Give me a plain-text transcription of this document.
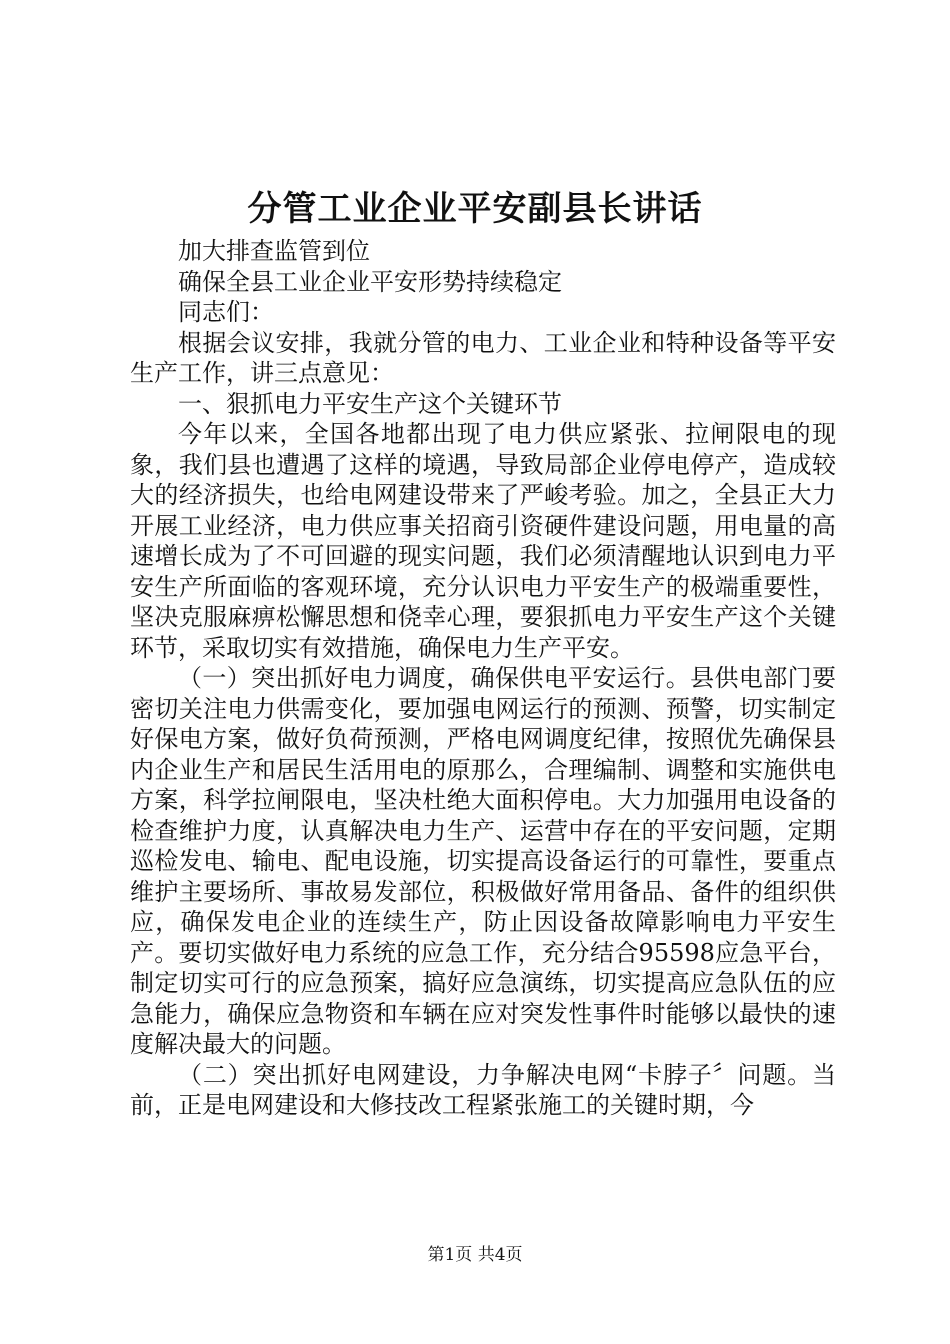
分管工业企业平安副县长讲话

加大排查监管到位

确保全县工业企业平安形势持续稳定

同志们：

根据会议安排，我就分管的电力、工业企业和特种设备等平安生产工作，讲三点意见：

一、狠抓电力平安生产这个关键环节

今年以来，全国各地都出现了电力供应紧张、拉闸限电的现象，我们县也遭遇了这样的境遇，导致局部企业停电停产，造成较大的经济损失，也给电网建设带来了严峻考验。加之，全县正大力开展工业经济，电力供应事关招商引资硬件建设问题，用电量的高速增长成为了不可回避的现实问题，我们必须清醒地认识到电力平安生产所面临的客观环境，充分认识电力平安生产的极端重要性，坚决克服麻痹松懈思想和侥幸心理，要狠抓电力平安生产这个关键环节，采取切实有效措施，确保电力生产平安。

（一）突出抓好电力调度，确保供电平安运行。县供电部门要密切关注电力供需变化，要加强电网运行的预测、预警，切实制定好保电方案，做好负荷预测，严格电网调度纪律，按照优先确保县内企业生产和居民生活用电的原那么，合理编制、调整和实施供电方案，科学拉闸限电，坚决杜绝大面积停电。大力加强用电设备的检查维护力度，认真解决电力生产、运营中存在的平安问题，定期巡检发电、输电、配电设施，切实提高设备运行的可靠性，要重点维护主要场所、事故易发部位，积极做好常用备品、备件的组织供应，确保发电企业的连续生产，防止因设备故障影响电力平安生产。要切实做好电力系统的应急工作，充分结合95598应急平台，制定切实可行的应急预案，搞好应急演练，切实提高应急队伍的应急能力，确保应急物资和车辆在应对突发性事件时能够以最快的速度解决最大的问题。

（二）突出抓好电网建设，力争解决电网“卡脖子〞问题。当前，正是电网建设和大修技改工程紧张施工的关键时期，今

第1页 共4页
